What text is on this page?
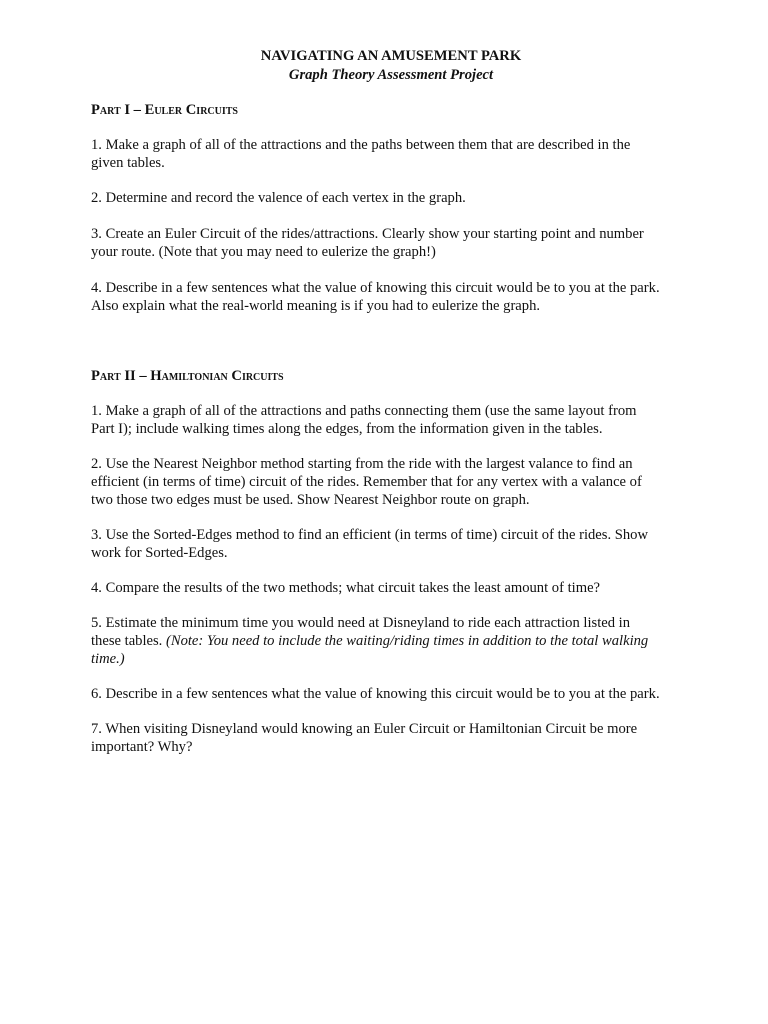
NAVIGATING AN AMUSEMENT PARK

Graph Theory Assessment Project

Part I – Euler Circuits

1. Make a graph of all of the attractions and the paths between them that are described in the
given tables.

2. Determine and record the valence of each vertex in the graph.

3. Create an Euler Circuit of the rides/attractions. Clearly show your starting point and number
your route. (Note that you may need to eulerize the graph!)

4. Describe in a few sentences what the value of knowing this circuit would be to you at the park.
Also explain what the real-world meaning is if you had to eulerize the graph.

Part II – Hamiltonian Circuits

1. Make a graph of all of the attractions and paths connecting them (use the same layout from
Part I); include walking times along the edges, from the information given in the tables.

2. Use the Nearest Neighbor method starting from the ride with the largest valance to find an
efficient (in terms of time) circuit of the rides. Remember that for any vertex with a valance of
two those two edges must be used. Show Nearest Neighbor route on graph.

3. Use the Sorted-Edges method to find an efficient (in terms of time) circuit of the rides. Show
work for Sorted-Edges.

4. Compare the results of the two methods; what circuit takes the least amount of time?

5. Estimate the minimum time you would need at Disneyland to ride each attraction listed in
these tables. (Note: You need to include the waiting/riding times in addition to the total walking
time.)

6. Describe in a few sentences what the value of knowing this circuit would be to you at the park.

7. When visiting Disneyland would knowing an Euler Circuit or Hamiltonian Circuit be more
important? Why?
